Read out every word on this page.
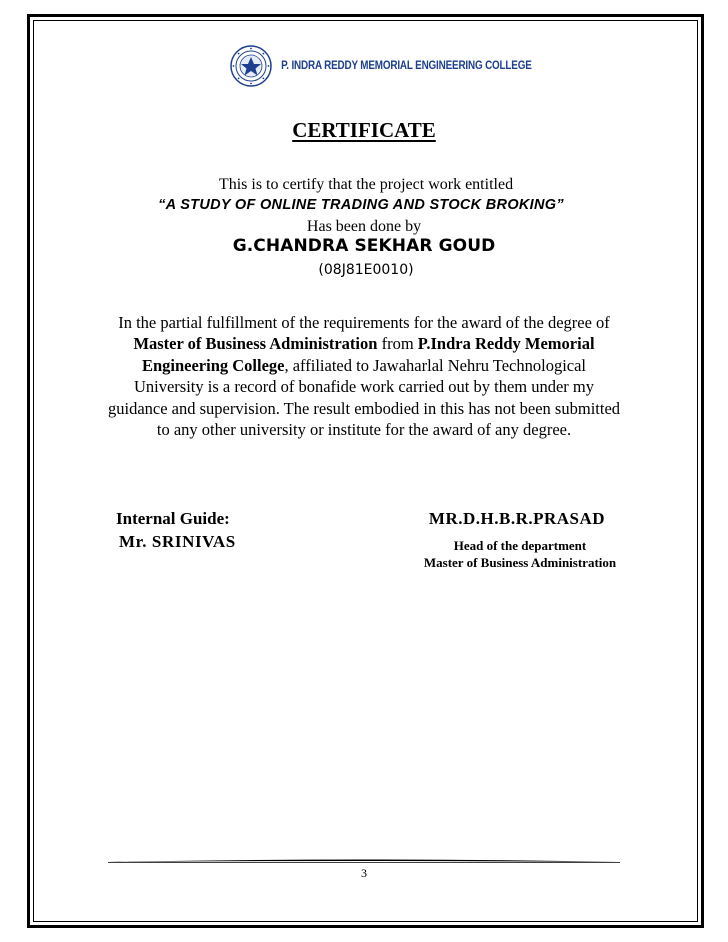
P. INDRA REDDY MEMORIAL ENGINEERING COLLEGE
CERTIFICATE
This is to certify that the project work entitled
“A STUDY OF ONLINE TRADING AND STOCK BROKING”
Has been done by
G.CHANDRA SEKHAR GOUD
(08J81E0010)
In the partial fulfillment of the requirements for the award of the degree of Master of Business Administration from P.Indra Reddy Memorial Engineering College, affiliated to Jawaharlal Nehru Technological University is a record of bonafide work carried out by them under my guidance and supervision. The result embodied in this has not been submitted to any other university or institute for the award of any degree.
Internal Guide:
Mr. SRINIVAS
MR.D.H.B.R.PRASAD
Head of the department
Master of Business Administration
3
